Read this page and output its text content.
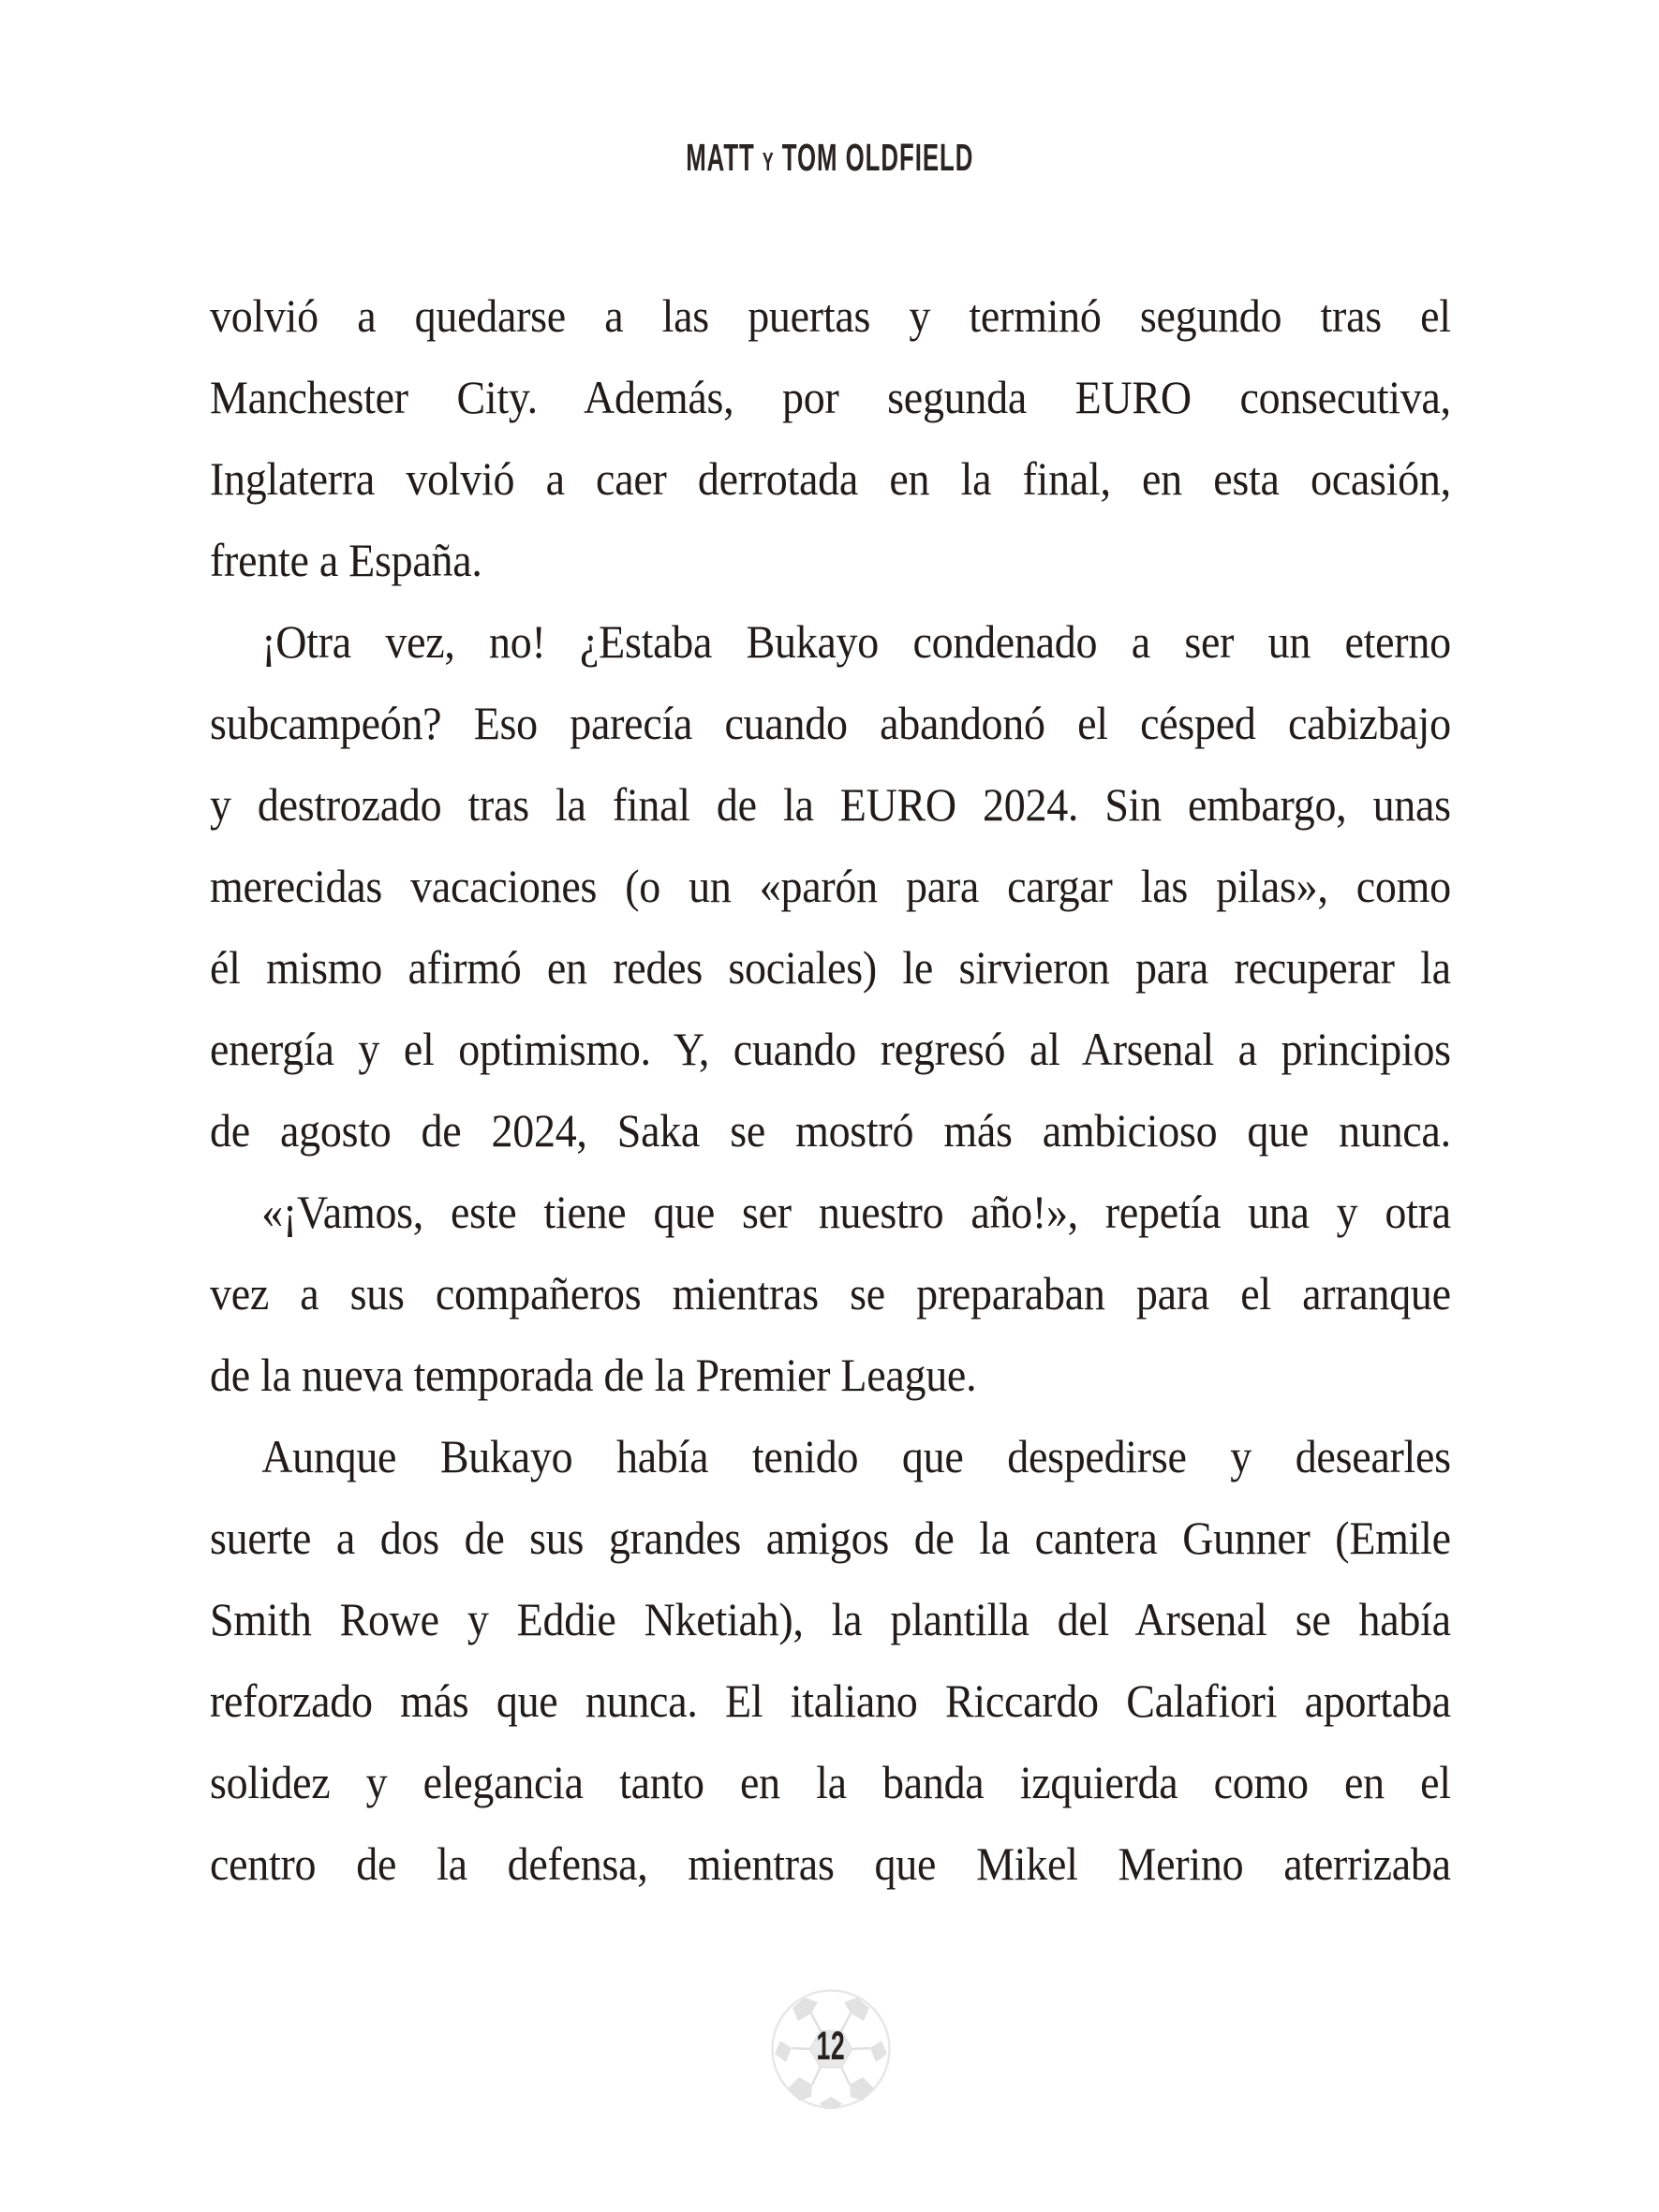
MATT Y TOM OLDFIELD
volvió a quedarse a las puertas y terminó segundo tras el
Manchester City. Además, por segunda EURO consecutiva,
Inglaterra volvió a caer derrotada en la final, en esta ocasión,
frente a España.
¡Otra vez, no! ¿Estaba Bukayo condenado a ser un eterno
subcampeón? Eso parecía cuando abandonó el césped cabizbajo
y destrozado tras la final de la EURO 2024. Sin embargo, unas
merecidas vacaciones (o un «parón para cargar las pilas», como
él mismo afirmó en redes sociales) le sirvieron para recuperar la
energía y el optimismo. Y, cuando regresó al Arsenal a principios
de agosto de 2024, Saka se mostró más ambicioso que nunca.
«¡Vamos, este tiene que ser nuestro año!», repetía una y otra
vez a sus compañeros mientras se preparaban para el arranque
de la nueva temporada de la Premier League.
Aunque Bukayo había tenido que despedirse y desearles
suerte a dos de sus grandes amigos de la cantera Gunner (Emile
Smith Rowe y Eddie Nketiah), la plantilla del Arsenal se había
reforzado más que nunca. El italiano Riccardo Calafiori aportaba
solidez y elegancia tanto en la banda izquierda como en el
centro de la defensa, mientras que Mikel Merino aterrizaba
12
